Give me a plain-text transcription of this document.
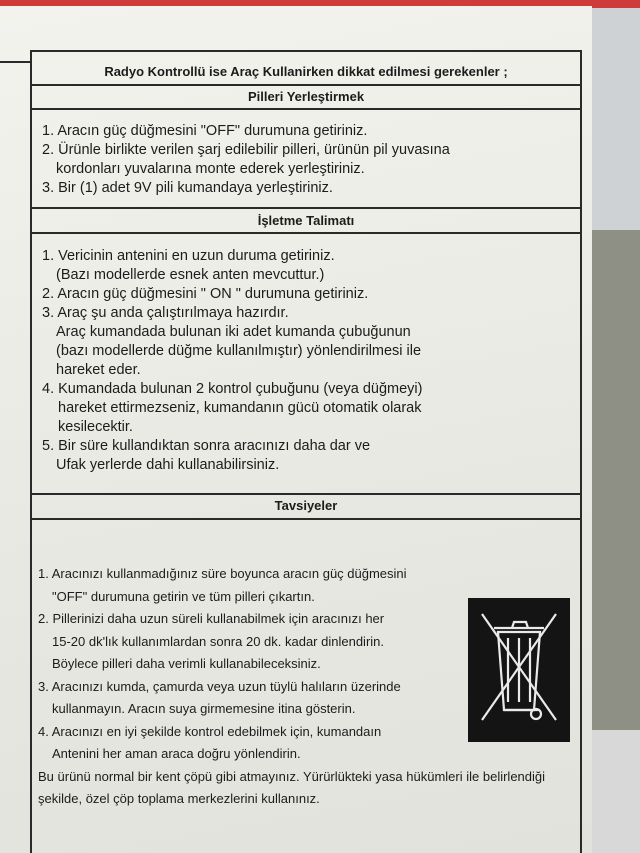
Radyo Kontrollü ise Araç Kullanirken dikkat edilmesi gerekenler ;
Pilleri Yerleştirmek
İşletme Talimatı
Tavsiyeler

1. Aracın güç düğmesini "OFF" durumuna getiriniz.

2. Ürünle birlikte verilen şarj edilebilir pilleri, ürünün pil yuvasına

kordonları yuvalarına monte ederek yerleştiriniz.

3. Bir (1) adet 9V pili kumandaya yerleştiriniz.

1. Vericinin antenini en uzun duruma getiriniz.

(Bazı modellerde esnek anten mevcuttur.)

2. Aracın güç düğmesini " ON " durumuna getiriniz.

3. Araç şu anda çalıştırılmaya hazırdır.

Araç kumandada bulunan iki adet kumanda çubuğunun

(bazı modellerde düğme kullanılmıştır) yönlendirilmesi ile

hareket eder.

4. Kumandada bulunan 2 kontrol çubuğunu (veya düğmeyi)

hareket ettirmezseniz, kumandanın gücü otomatik olarak

kesilecektir.

5. Bir süre kullandıktan sonra aracınızı daha dar ve

Ufak yerlerde dahi kullanabilirsiniz.

1. Aracınızı kullanmadığınız süre boyunca aracın güç düğmesini

"OFF" durumuna getirin ve tüm pilleri çıkartın.

2. Pillerinizi daha uzun süreli kullanabilmek için aracınızı her

15-20 dk'lık kullanımlardan sonra 20 dk. kadar dinlendirin.

Böylece pilleri daha verimli kullanabileceksiniz.

3. Aracınızı kumda, çamurda veya uzun tüylü halıların üzerinde

kullanmayın. Aracın suya girmemesine itina gösterin.

4. Aracınızı en iyi şekilde kontrol edebilmek için, kumandaın

Antenini her aman araca doğru yönlendirin.

Bu ürünü normal bir kent çöpü gibi atmayınız. Yürürlükteki yasa hükümleri ile belirlendiği

şekilde, özel çöp toplama merkezlerini kullanınız.
